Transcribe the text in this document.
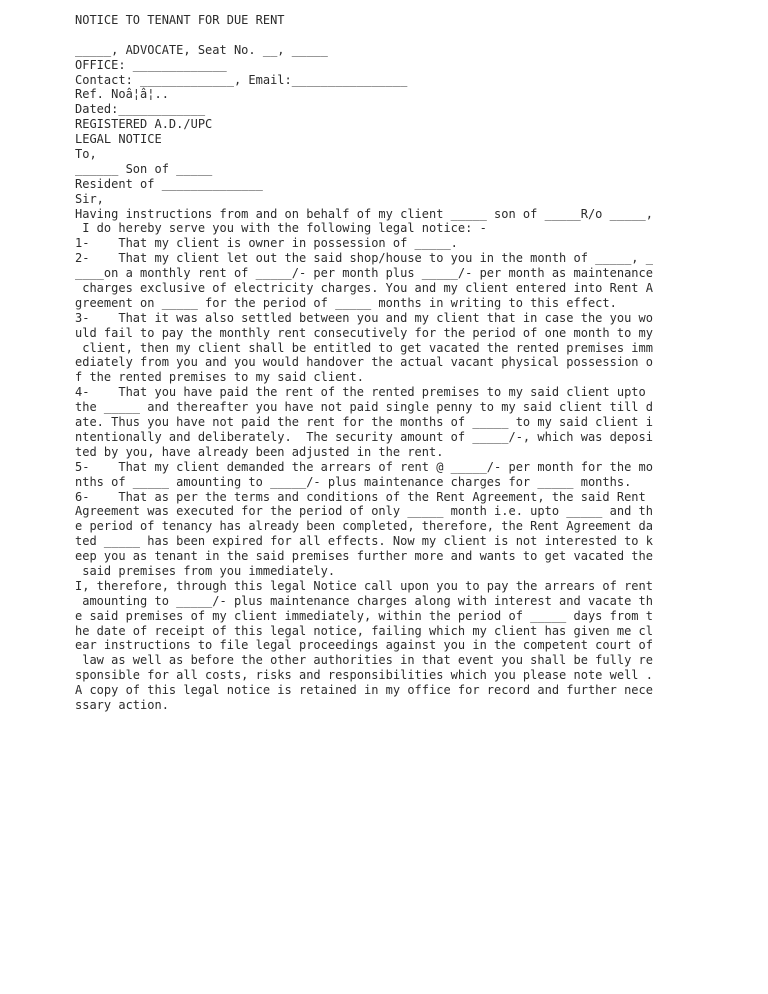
NOTICE TO TENANT FOR DUE RENT
_____, ADVOCATE, Seat No. __, _____
OFFICE: _____________
Contact: _____________, Email:________________
Ref. Noâ¦â¦..
Dated:____________
REGISTERED A.D./UPC
LEGAL NOTICE
To,
______ Son of _____
Resident of ______________
Sir,
Having instructions from and on behalf of my client _____ son of _____R/o _____,
I do hereby serve you with the following legal notice: -
1-    That my client is owner in possession of _____.
2-    That my client let out the said shop/house to you in the month of _____, _
____on a monthly rent of _____/- per month plus _____/- per month as maintenance
charges exclusive of electricity charges. You and my client entered into Rent A
greement on _____ for the period of _____ months in writing to this effect.
3-    That it was also settled between you and my client that in case the you wo
uld fail to pay the monthly rent consecutively for the period of one month to my
client, then my client shall be entitled to get vacated the rented premises imm
ediately from you and you would handover the actual vacant physical possession o
f the rented premises to my said client.
4-    That you have paid the rent of the rented premises to my said client upto
the _____ and thereafter you have not paid single penny to my said client till d
ate. Thus you have not paid the rent for the months of _____ to my said client i
ntentionally and deliberately.  The security amount of _____/-, which was deposi
ted by you, have already been adjusted in the rent.
5-    That my client demanded the arrears of rent @ _____/- per month for the mo
nths of _____ amounting to _____/- plus maintenance charges for _____ months.
6-    That as per the terms and conditions of the Rent Agreement, the said Rent
Agreement was executed for the period of only _____ month i.e. upto _____ and th
e period of tenancy has already been completed, therefore, the Rent Agreement da
ted _____ has been expired for all effects. Now my client is not interested to k
eep you as tenant in the said premises further more and wants to get vacated the
said premises from you immediately.
I, therefore, through this legal Notice call upon you to pay the arrears of rent
amounting to _____/- plus maintenance charges along with interest and vacate th
e said premises of my client immediately, within the period of _____ days from t
he date of receipt of this legal notice, failing which my client has given me cl
ear instructions to file legal proceedings against you in the competent court of
law as well as before the other authorities in that event you shall be fully re
sponsible for all costs, risks and responsibilities which you please note well .
A copy of this legal notice is retained in my office for record and further nece
ssary action.
